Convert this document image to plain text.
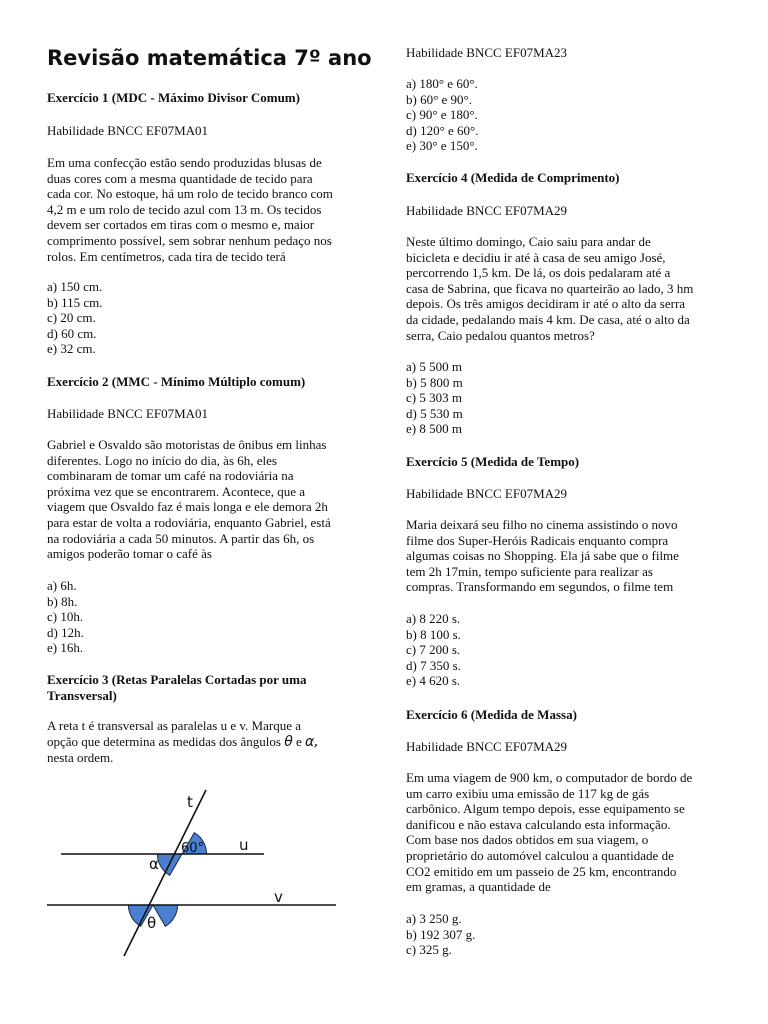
Revisão matemática 7º ano

Exercício 1 (MDC - Máximo Divisor Comum)

Habilidade BNCC EF07MA01

Em uma confecção estão sendo produzidas blusas de
duas cores com a mesma quantidade de tecido para
cada cor. No estoque, há um rolo de tecido branco com
4,2 m e um rolo de tecido azul com 13 m. Os tecidos
devem ser cortados em tiras com o mesmo e, maior
comprimento possível, sem sobrar nenhum pedaço nos
rolos. Em centímetros, cada tira de tecido terá
a) 150 cm.
b) 115 cm.
c) 20 cm.
d) 60 cm.
e) 32 cm.

Exercício 2 (MMC - Mínimo Múltiplo comum)

Habilidade BNCC EF07MA01

Gabriel e Osvaldo são motoristas de ônibus em linhas
diferentes. Logo no início do dia, às 6h, eles
combinaram de tomar um café na rodoviária na
próxima vez que se encontrarem. Acontece, que a
viagem que Osvaldo faz é mais longa e ele demora 2h
para estar de volta a rodoviária, enquanto Gabriel, está
na rodoviária a cada 50 minutos. A partir das 6h, os
amigos poderão tomar o café às
a) 6h.
b) 8h.
c) 10h.
d) 12h.
e) 16h.

Exercício 3 (Retas Paralelas Cortadas por uma Transversal)

A reta t é transversal as paralelas u e v. Marque a
opção que determina as medidas dos ângulos θ e α,
nesta ordem.
t
u
v
60°
α
θ

Habilidade BNCC EF07MA23

a) 180° e 60°.
b) 60° e 90°.
c) 90° e 180°.
d) 120° e 60°.
e) 30° e 150°.

Exercício 4 (Medida de Comprimento)

Habilidade BNCC EF07MA29

Neste último domingo, Caio saiu para andar de
bicicleta e decidiu ir até à casa de seu amigo José,
percorrendo 1,5 km. De lá, os dois pedalaram até a
casa de Sabrina, que ficava no quarteirão ao lado, 3 hm
depois. Os três amigos decidiram ir até o alto da serra
da cidade, pedalando mais 4 km. De casa, até o alto da
serra, Caio pedalou quantos metros?
a) 5 500 m
b) 5 800 m
c) 5 303 m
d) 5 530 m
e) 8 500 m

Exercício 5 (Medida de Tempo)

Habilidade BNCC EF07MA29

Maria deixará seu filho no cinema assistindo o novo
filme dos Super-Heróis Radicais enquanto compra
algumas coisas no Shopping. Ela já sabe que o filme
tem 2h 17min, tempo suficiente para realizar as
compras. Transformando em segundos, o filme tem
a) 8 220 s.
b) 8 100 s.
c) 7 200 s.
d) 7 350 s.
e) 4 620 s.

Exercício 6 (Medida de Massa)

Habilidade BNCC EF07MA29

Em uma viagem de 900 km, o computador de bordo de
um carro exibiu uma emissão de 117 kg de gás
carbônico. Algum tempo depois, esse equipamento se
danificou e não estava calculando esta informação.
Com base nos dados obtidos em sua viagem, o
proprietário do automóvel calculou a quantidade de
CO2 emitido em um passeio de 25 km, encontrando
em gramas, a quantidade de
a) 3 250 g.
b) 192 307 g.
c) 325 g.
